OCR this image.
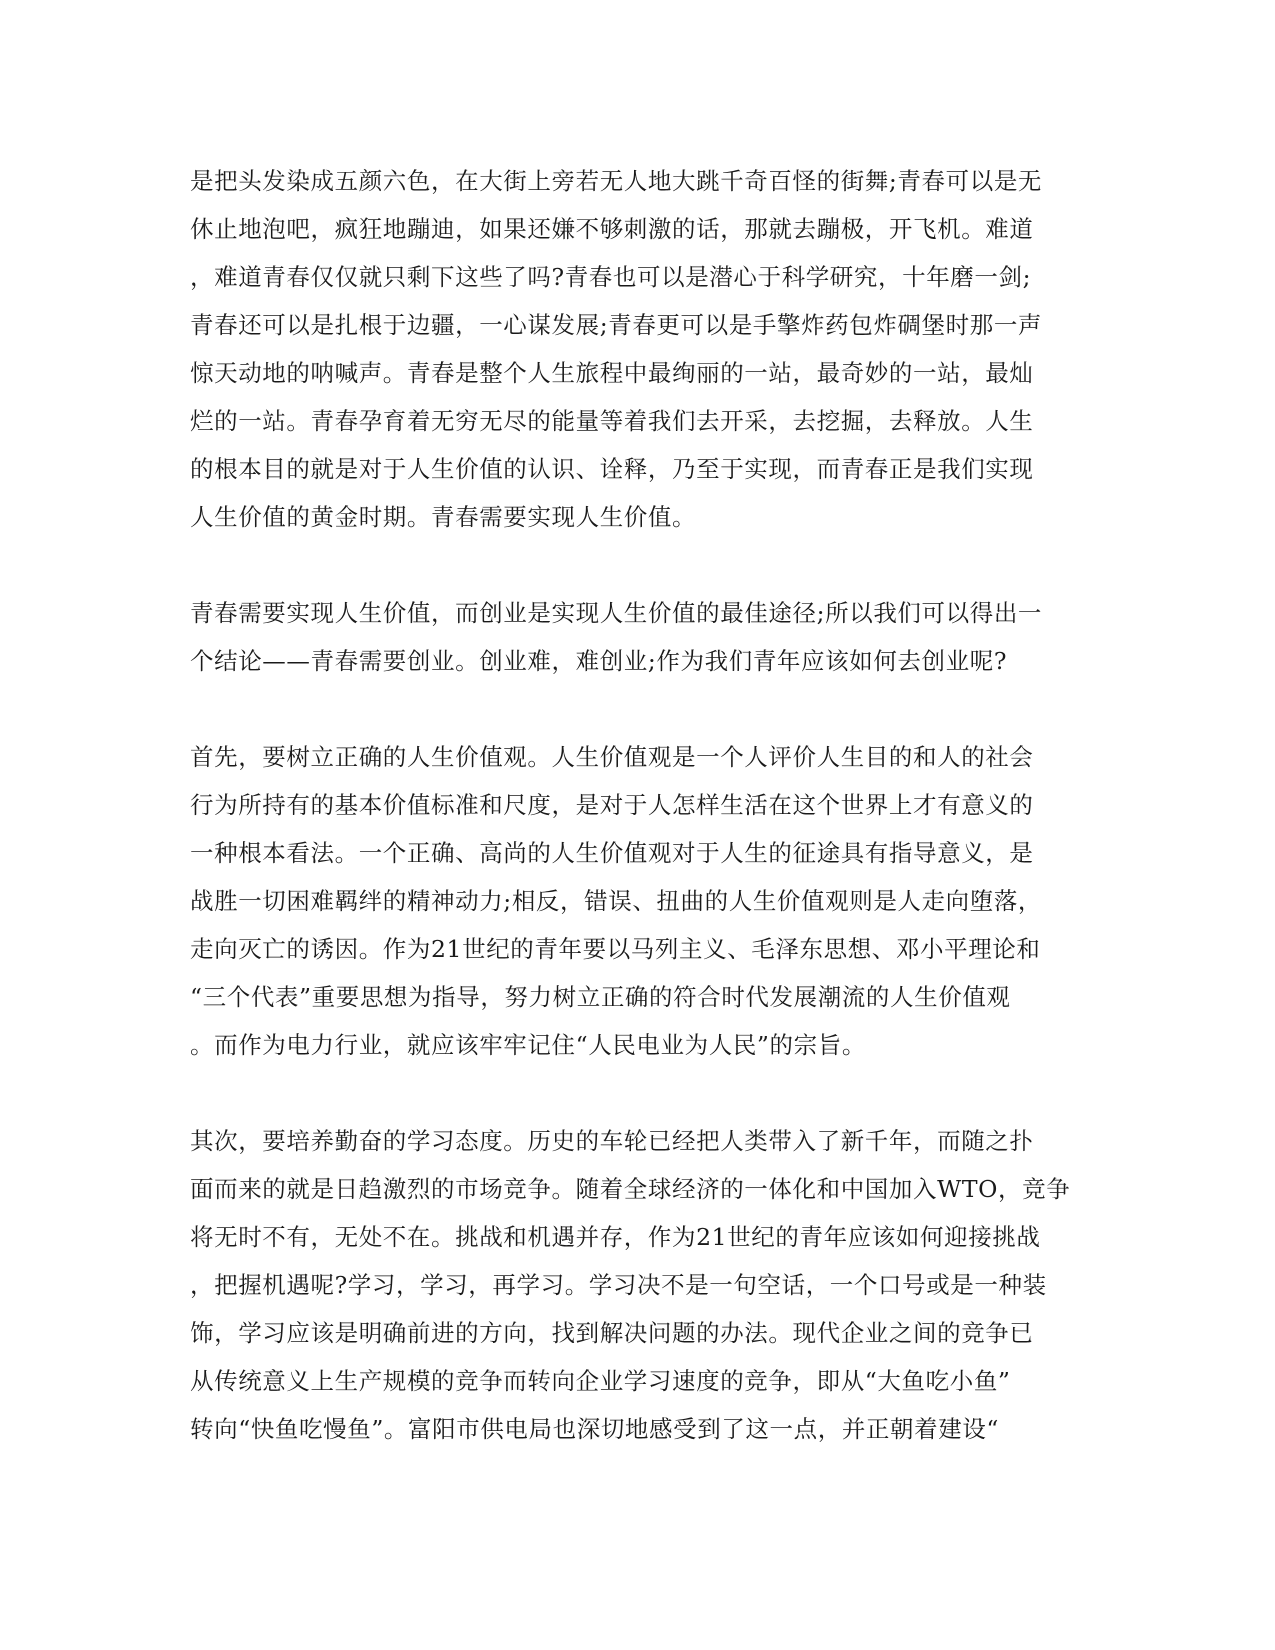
是把头发染成五颜六色，在大街上旁若无人地大跳千奇百怪的街舞;青春可以是无
休止地泡吧，疯狂地蹦迪，如果还嫌不够刺激的话，那就去蹦极，开飞机。难道
，难道青春仅仅就只剩下这些了吗?青春也可以是潜心于科学研究，十年磨一剑;
青春还可以是扎根于边疆，一心谋发展;青春更可以是手擎炸药包炸碉堡时那一声
惊天动地的呐喊声。青春是整个人生旅程中最绚丽的一站，最奇妙的一站，最灿
烂的一站。青春孕育着无穷无尽的能量等着我们去开采，去挖掘，去释放。人生
的根本目的就是对于人生价值的认识、诠释，乃至于实现，而青春正是我们实现
人生价值的黄金时期。青春需要实现人生价值。
青春需要实现人生价值，而创业是实现人生价值的最佳途径;所以我们可以得出一
个结论——青春需要创业。创业难，难创业;作为我们青年应该如何去创业呢?
首先，要树立正确的人生价值观。人生价值观是一个人评价人生目的和人的社会
行为所持有的基本价值标准和尺度，是对于人怎样生活在这个世界上才有意义的
一种根本看法。一个正确、高尚的人生价值观对于人生的征途具有指导意义，是
战胜一切困难羁绊的精神动力;相反，错误、扭曲的人生价值观则是人走向堕落，
走向灭亡的诱因。作为21世纪的青年要以马列主义、毛泽东思想、邓小平理论和
“三个代表”重要思想为指导，努力树立正确的符合时代发展潮流的人生价值观
。而作为电力行业，就应该牢牢记住“人民电业为人民”的宗旨。
其次，要培养勤奋的学习态度。历史的车轮已经把人类带入了新千年，而随之扑
面而来的就是日趋激烈的市场竞争。随着全球经济的一体化和中国加入WTO，竞争
将无时不有，无处不在。挑战和机遇并存，作为21世纪的青年应该如何迎接挑战
，把握机遇呢?学习，学习，再学习。学习决不是一句空话，一个口号或是一种装
饰，学习应该是明确前进的方向，找到解决问题的办法。现代企业之间的竞争已
从传统意义上生产规模的竞争而转向企业学习速度的竞争，即从“大鱼吃小鱼”
转向“快鱼吃慢鱼”。富阳市供电局也深切地感受到了这一点，并正朝着建设“
